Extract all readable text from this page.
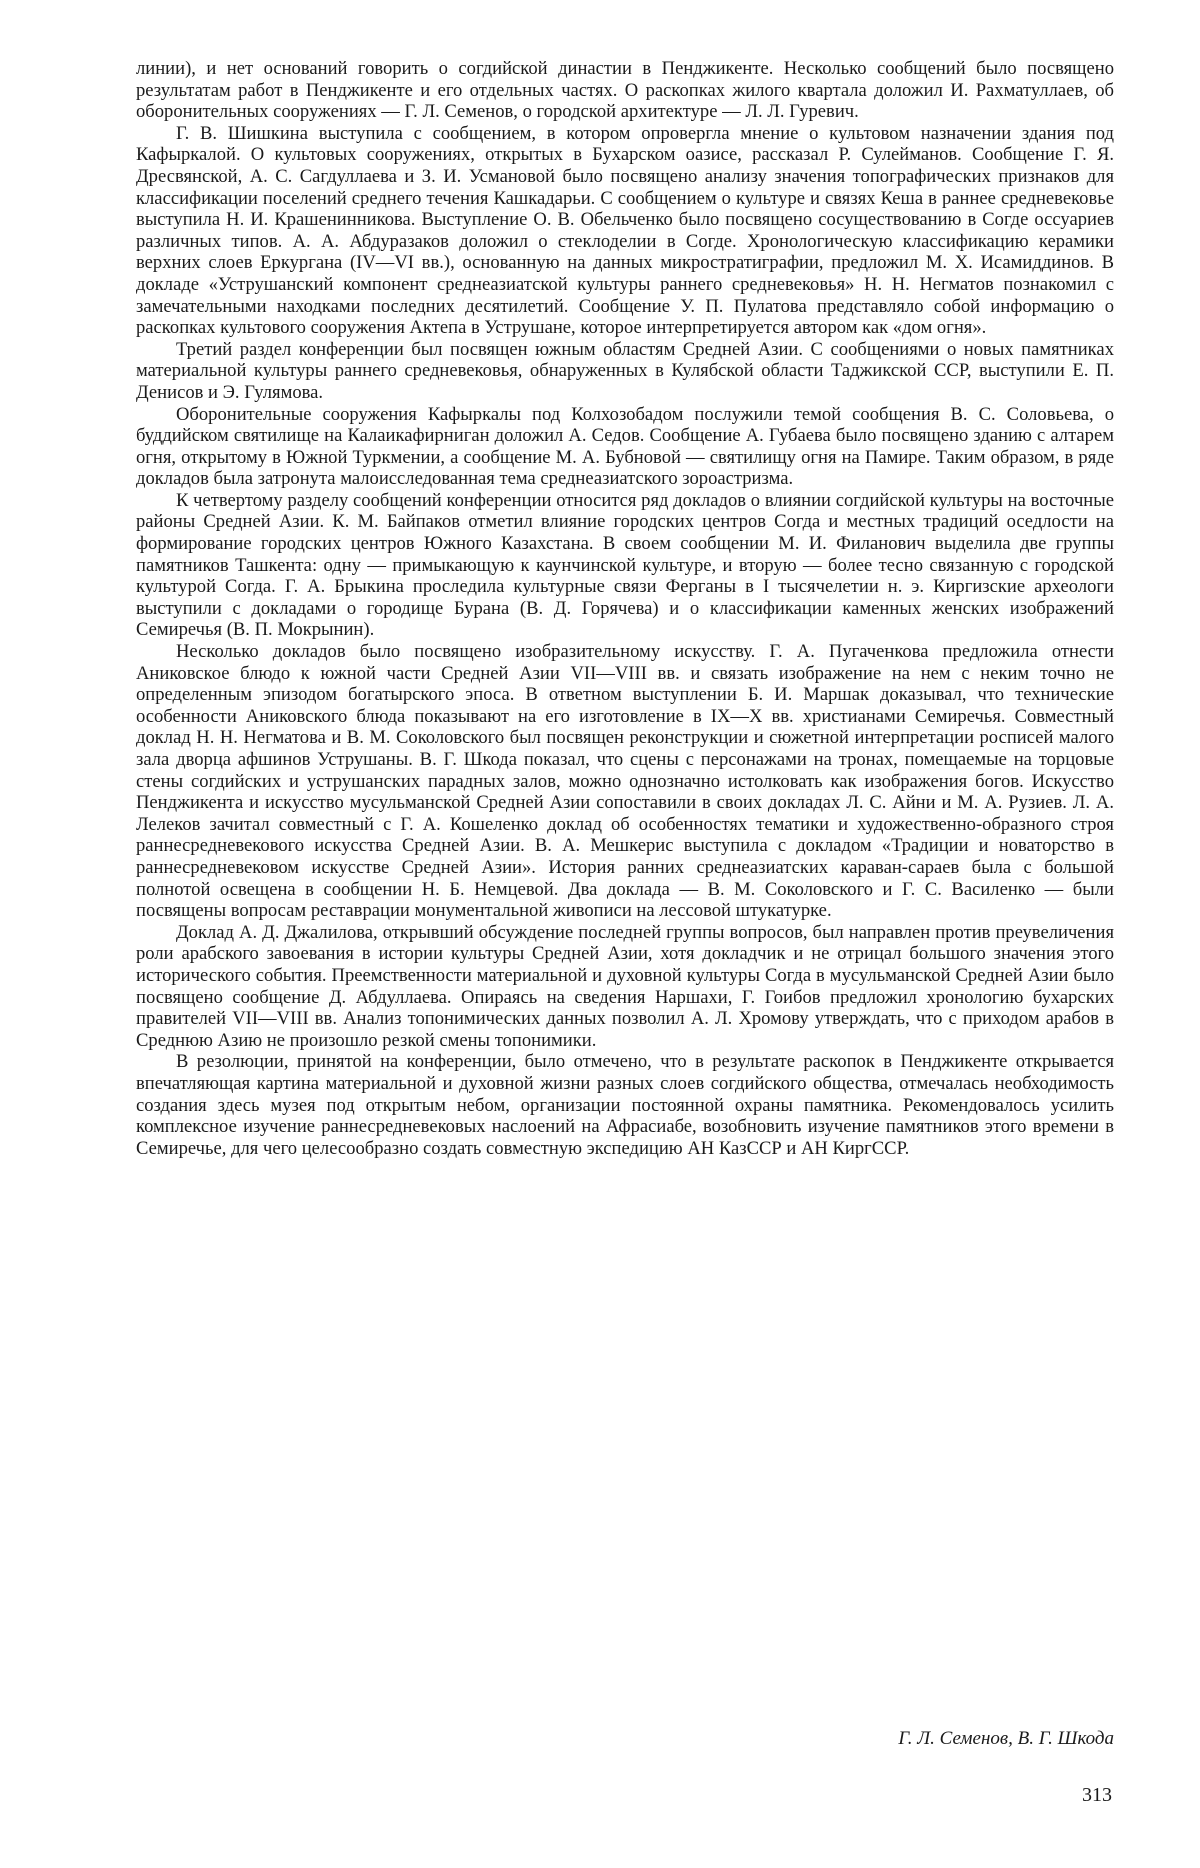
линии), и нет оснований говорить о согдийской династии в Пенджикенте. Несколько сообщений было посвящено результатам работ в Пенджикенте и его отдельных частях. О раскопках жилого квартала доложил И. Рахматуллаев, об оборонительных сооружениях — Г. Л. Семенов, о городской архитектуре — Л. Л. Гуревич.

Г. В. Шишкина выступила с сообщением, в котором опровергла мнение о культовом назначении здания под Кафыркалой. О культовых сооружениях, открытых в Бухарском оазисе, рассказал Р. Сулейманов. Сообщение Г. Я. Дресвянской, А. С. Сагдуллаева и З. И. Усмановой было посвящено анализу значения топографических признаков для классификации поселений среднего течения Кашкадарьи. С сообщением о культуре и связях Кеша в раннее средневековье выступила Н. И. Крашенинникова. Выступление О. В. Обельченко было посвящено сосуществованию в Согде оссуариев различных типов. А. А. Абдуразаков доложил о стеклоделии в Согде. Хронологическую классификацию керамики верхних слоев Еркургана (IV—VI вв.), основанную на данных микростратиграфии, предложил М. Х. Исамиддинов. В докладе «Уструшанский компонент среднеазиатской культуры раннего средневековья» Н. Н. Негматов познакомил с замечательными находками последних десятилетий. Сообщение У. П. Пулатова представляло собой информацию о раскопках культового сооружения Актепа в Уструшане, которое интерпретируется автором как «дом огня».

Третий раздел конференции был посвящен южным областям Средней Азии. С сообщениями о новых памятниках материальной культуры раннего средневековья, обнаруженных в Кулябской области Таджикской ССР, выступили Е. П. Денисов и Э. Гулямова.

Оборонительные сооружения Кафыркалы под Колхозобадом послужили темой сообщения В. С. Соловьева, о буддийском святилище на Калаикафирниган доложил А. Седов. Сообщение А. Губаева было посвящено зданию с алтарем огня, открытому в Южной Туркмении, а сообщение М. А. Бубновой — святилищу огня на Памире. Таким образом, в ряде докладов была затронута малоисследованная тема среднеазиатского зороастризма.

К четвертому разделу сообщений конференции относится ряд докладов о влиянии согдийской культуры на восточные районы Средней Азии. К. М. Байпаков отметил влияние городских центров Согда и местных традиций оседлости на формирование городских центров Южного Казахстана. В своем сообщении М. И. Филанович выделила две группы памятников Ташкента: одну — примыкающую к каунчинской культуре, и вторую — более тесно связанную с городской культурой Согда. Г. А. Брыкина проследила культурные связи Ферганы в I тысячелетии н. э. Киргизские археологи выступили с докладами о городище Бурана (В. Д. Горячева) и о классификации каменных женских изображений Семиречья (В. П. Мокрынин).

Несколько докладов было посвящено изобразительному искусству. Г. А. Пугаченкова предложила отнести Аниковское блюдо к южной части Средней Азии VII—VIII вв. и связать изображение на нем с неким точно не определенным эпизодом богатырского эпоса. В ответном выступлении Б. И. Маршак доказывал, что технические особенности Аниковского блюда показывают на его изготовление в IX—X вв. христианами Семиречья. Совместный доклад Н. Н. Негматова и В. М. Соколовского был посвящен реконструкции и сюжетной интерпретации росписей малого зала дворца афшинов Уструшаны. В. Г. Шкода показал, что сцены с персонажами на тронах, помещаемые на торцовые стены согдийских и уструшанских парадных залов, можно однозначно истолковать как изображения богов. Искусство Пенджикента и искусство мусульманской Средней Азии сопоставили в своих докладах Л. С. Айни и М. А. Рузиев. Л. А. Лелеков зачитал совместный с Г. А. Кошеленко доклад об особенностях тематики и художественно-образного строя раннесредневекового искусства Средней Азии. В. А. Мешкерис выступила с докладом «Традиции и новаторство в раннесредневековом искусстве Средней Азии». История ранних среднеазиатских караван-сараев была с большой полнотой освещена в сообщении Н. Б. Немцевой. Два доклада — В. М. Соколовского и Г. С. Василенко — были посвящены вопросам реставрации монументальной живописи на лессовой штукатурке.

Доклад А. Д. Джалилова, открывший обсуждение последней группы вопросов, был направлен против преувеличения роли арабского завоевания в истории культуры Средней Азии, хотя докладчик и не отрицал большого значения этого исторического события. Преемственности материальной и духовной культуры Согда в мусульманской Средней Азии было посвящено сообщение Д. Абдуллаева. Опираясь на сведения Наршахи, Г. Гоибов предложил хронологию бухарских правителей VII—VIII вв. Анализ топонимических данных позволил А. Л. Хромову утверждать, что с приходом арабов в Среднюю Азию не произошло резкой смены топонимики.

В резолюции, принятой на конференции, было отмечено, что в результате раскопок в Пенджикенте открывается впечатляющая картина материальной и духовной жизни разных слоев согдийского общества, отмечалась необходимость создания здесь музея под открытым небом, организации постоянной охраны памятника. Рекомендовалось усилить комплексное изучение раннесредневековых наслоений на Афрасиабе, возобновить изучение памятников этого времени в Семиречье, для чего целесообразно создать совместную экспедицию АН КазССР и АН КиргССР.

Г. Л. Семенов, В. Г. Шкода
313
